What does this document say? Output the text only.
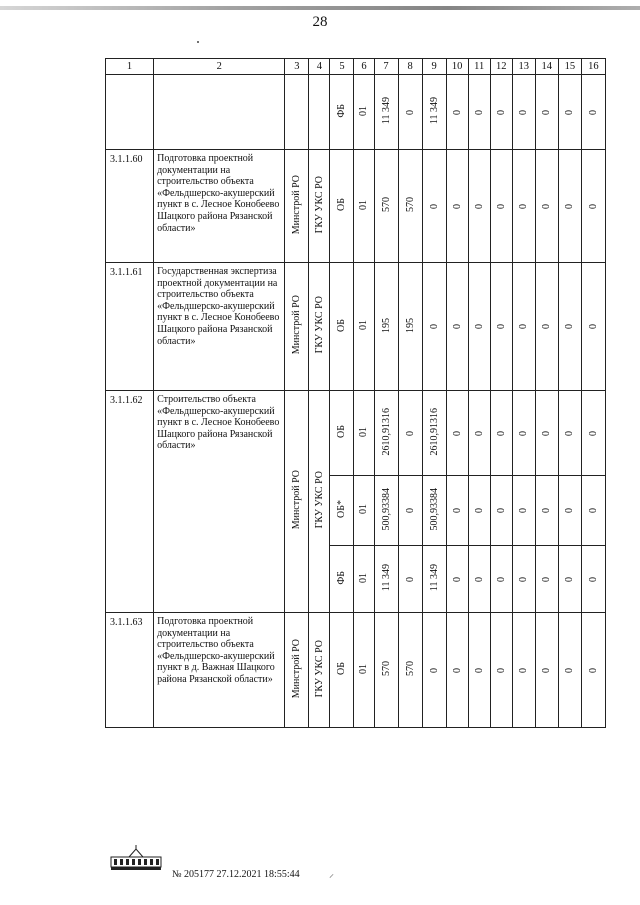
28
1	2	3	4	5	6	7	8	9	10	11	12	13	14	15	16
				ФБ	01	11 349	0	11 349	0	0	0	0	0	0	0
3.1.1.60	Подготовка проектной документации на строительство объекта «Фельдшерско-акушерский пункт в с. Лесное Конобеево Шацкого района Рязанской области»	Минстрой РО	ГКУ УКС РО	ОБ	01	570	570	0	0	0	0	0	0	0	0
3.1.1.61	Государственная экспертиза проектной документации на строительство объекта «Фельдшерско-акушерский пункт в с. Лесное Конобеево Шацкого района Рязанской области»	Минстрой РО	ГКУ УКС РО	ОБ	01	195	195	0	0	0	0	0	0	0	0
3.1.1.62	Строительство объекта «Фельдшерско-акушерский пункт в с. Лесное Конобеево Шацкого района Рязанской области»	Минстрой РО	ГКУ УКС РО	ОБ	01	2610,91316	0	2610,91316	0	0	0	0	0	0	0
				ОБ*	01	500,93384	0	500,93384	0	0	0	0	0	0	0
				ФБ	01	11 349	0	11 349	0	0	0	0	0	0	0
3.1.1.63	Подготовка проектной документации на строительство объекта «Фельдшерско-акушерский пункт в д. Важная Шацкого района Рязанской области»	Минстрой РО	ГКУ УКС РО	ОБ	01	570	570	0	0	0	0	0	0	0	0
№ 205177 27.12.2021 18:55:44	⸝
